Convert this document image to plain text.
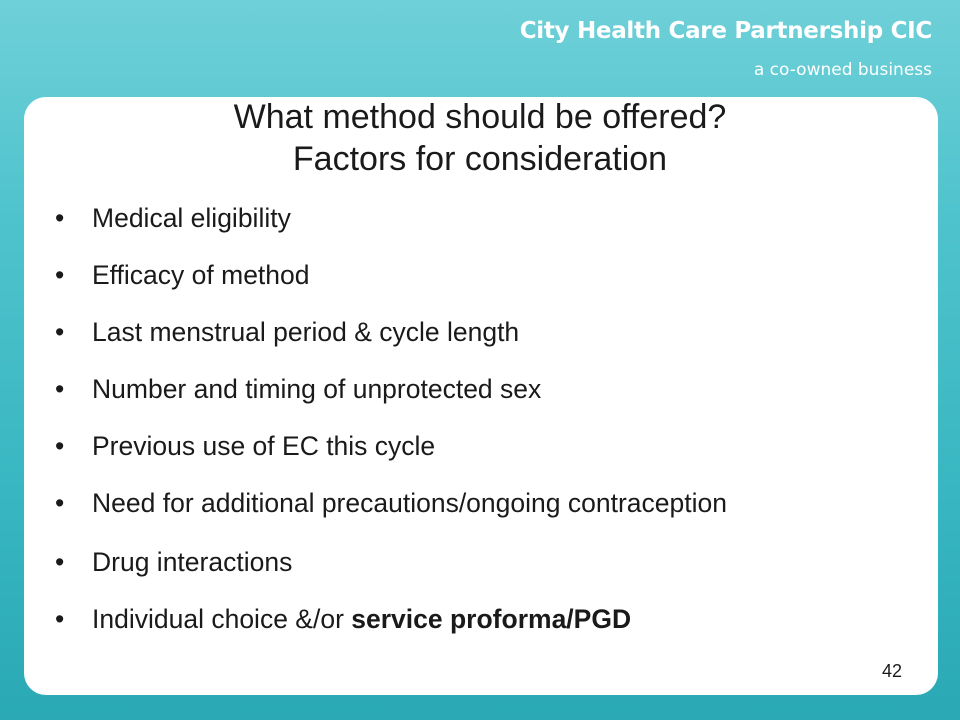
City Health Care Partnership CIC
a co-owned business
What method should be offered?
Factors for consideration
• Medical eligibility
• Efficacy of method
• Last menstrual period & cycle length
• Number and timing of unprotected sex
• Previous use of EC this cycle
• Need for additional precautions/ongoing contraception
• Drug interactions
• Individual choice &/or service proforma/PGD
42
